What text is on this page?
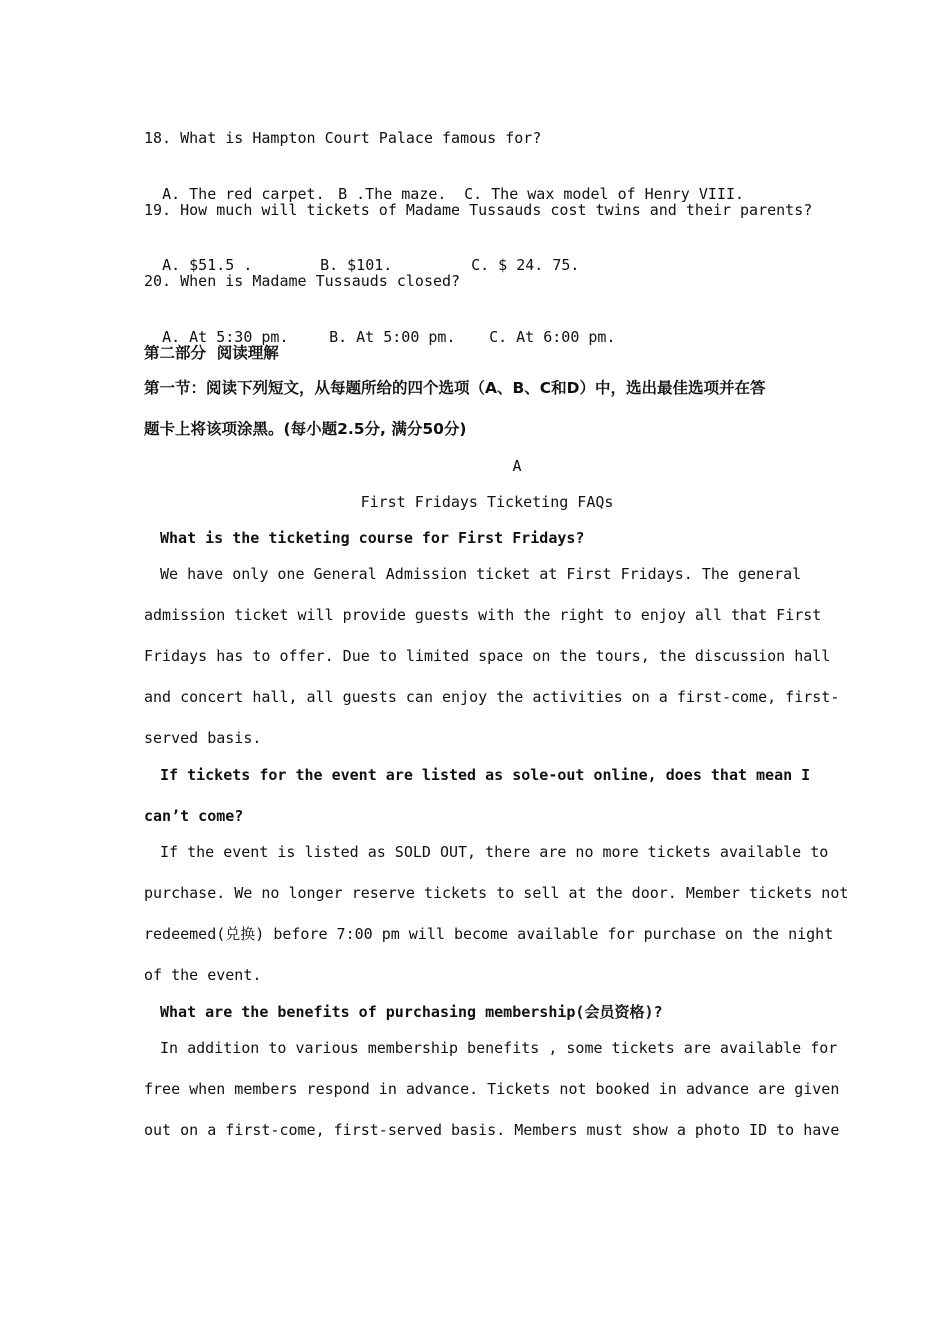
18. What is Hampton Court Palace famous for?

A. The red carpet. B .The maze. C. The wax model of Henry VIII.

19. How much will tickets of Madame Tussauds cost twins and their parents?

A. $51.5 .	B. $101.	C. $ 24. 75.

20. When is Madame Tussauds closed?

A. At 5:30 pm.	B. At 5:00 pm. C. At 6:00 pm.

第二部分  阅读理解
第一节：阅读下列短文，从每题所给的四个选项（A、B、C和D）中，选出最佳选项并在答
题卡上将该项涂黑。(每小题2.5分, 满分50分)
A
First Fridays Ticketing FAQs
What is the ticketing course for First Fridays?
We have only one General Admission ticket at First Fridays. The general
admission ticket will provide guests with the right to enjoy all that First
Fridays has to offer. Due to limited space on the tours, the discussion hall
and concert hall, all guests can enjoy the activities on a first-come, first-
served basis.
If tickets for the event are listed as sole-out online, does that mean I
can’t come?
If the event is listed as SOLD OUT, there are no more tickets available to
purchase. We no longer reserve tickets to sell at the door. Member tickets not
redeemed(兑换) before 7:00 pm will become available for purchase on the night
of the event.
What are the benefits of purchasing membership(会员资格)?
In addition to various membership benefits , some tickets are available for
free when members respond in advance. Tickets not booked in advance are given
out on a first-come, first-served basis. Members must show a photo ID to have
